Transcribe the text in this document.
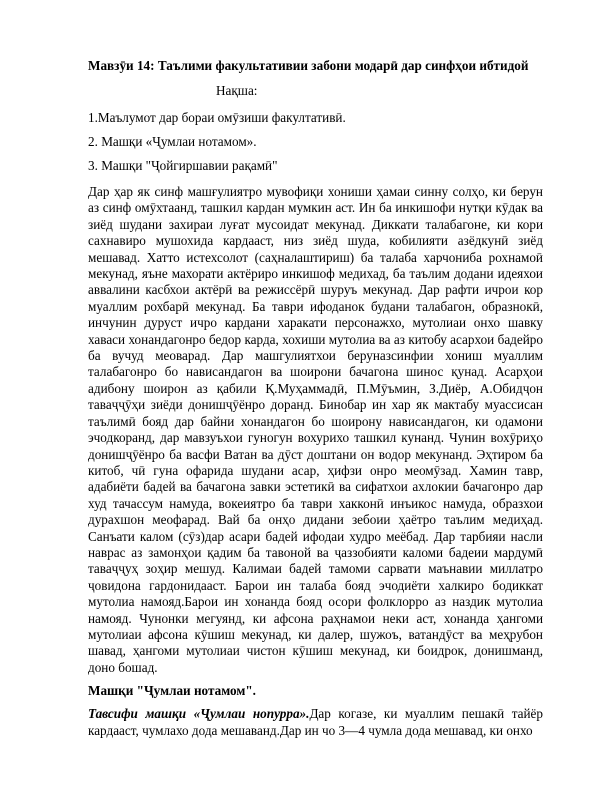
Мавзӯи 14: Таълими факультативии забони модарӣ дар синфҳои ибтидой
Нақша:
1.Маълумот дар бораи омӯзиши факултативӣ.
2. Машқи «Ҷумлаи нотамом».
3. Машқи "Ҷойгиршавии рақамӣ"

Дар ҳар як синф машғулиятро мувофиқи хониши ҳамаи синну солҳо, ки берун аз синф омӯхтаанд, ташкил кардан мумкин аст. Ин ба инкишофи нутқи кӯдак ва зиёд шудани захираи луғат мусоидат мекунад. Диккати талабагоне, ки кори сахнавиро мушохида кардааст, низ зиёд шуда, кобилияти азёдкунӣ зиёд мешавад. Хатто истехсолот (саҳналаштириш) ба талаба харчониба рохнамоӣ мекунад, яъне махорати актёриро инкишоф медихад, ба таълим додани идеяхои аввалини касбхои актёрӣ ва режиссёрӣ шуруъ мекунад. Дар рафти ичрои кор муаллим рохбарӣ мекунад. Ба таври ифоданок будани талабагон, образнокӣ, инчунин дуруст ичро кардани харакати персонажхо, мутолиаи онхо шавку хаваси хонандагонро бедор карда, хохиши мутолиа ва аз китобу асархои бадейро ба вучуд меоварад. Дар машгулиятхои беруназсинфии хониш муаллим талабагонро бо нависандагон ва шоирони бачагона шинос қунад. Асарҳои адибону шоирон аз қабили Қ.Муҳаммадӣ, П.Мӯъмин, З.Диёр, А.Обидҷон таваҷҷӯҳи зиёди донишҷӯёнро доранд. Бинобар ин хар як мактабу муассисан таълимӣ бояд дар байни хонандагон бо шоирону нависандагон, ки одамони эчодкоранд, дар мавзуъхои гуногун вохурихо ташкил кунанд. Чунин вохӯриҳо донишҷӯёнро ба васфи Ватан ва дӯст доштани он водор мекунанд. Эҳтиром ба китоб, чӣ гуна офарида шудани асар, ҳифзи онро меомӯзад. Хамин тавр, адабиёти бадей ва бачагона завки эстетикӣ ва сифатхои ахлокии бачагонро дар худ тачассум намуда, вокеиятро ба таври хакконӣ инъикос намуда, образхои дурахшон меофарад. Вай ба онҳо дидани зебоии ҳаётро таълим медиҳад. Санъати калом (сӯз)дар асари бадей ифодаи худро меёбад. Дар тарбияи насли наврас аз замонҳои қадим ба тавоной ва ҷаззобияти каломи бадеии мардумӣ таваҷҷуҳ зоҳир мешуд. Калимаи бадей тамоми сарвати маънавии миллатро ҷовидона гардонидааст. Барои ин талаба бояд эчодиёти халкиро бодиккат мутолиа намояд.Барои ин хонанда бояд осори фолклорро аз наздик мутолиа намояд. Чунонки мегуянд, ки афсона раҳнамои неки аст, хонанда ҳангоми мутолиаи афсона кӯшиш мекунад, ки далер, шужоъ, ватандӯст ва меҳрубон шавад, ҳангоми мутолиаи чистон кӯшиш мекунад, ки боидрок, донишманд, доно бошад.

Машқи "Ҷумлаи нотамом".

Тавсифи машқи «Ҷумлаи нопурра».Дар когазе, ки муаллим пешакӣ тайёр кардааст, чумлахо дода мешаванд.Дар ин чо 3—4 чумла дода мешавад, ки онхо
